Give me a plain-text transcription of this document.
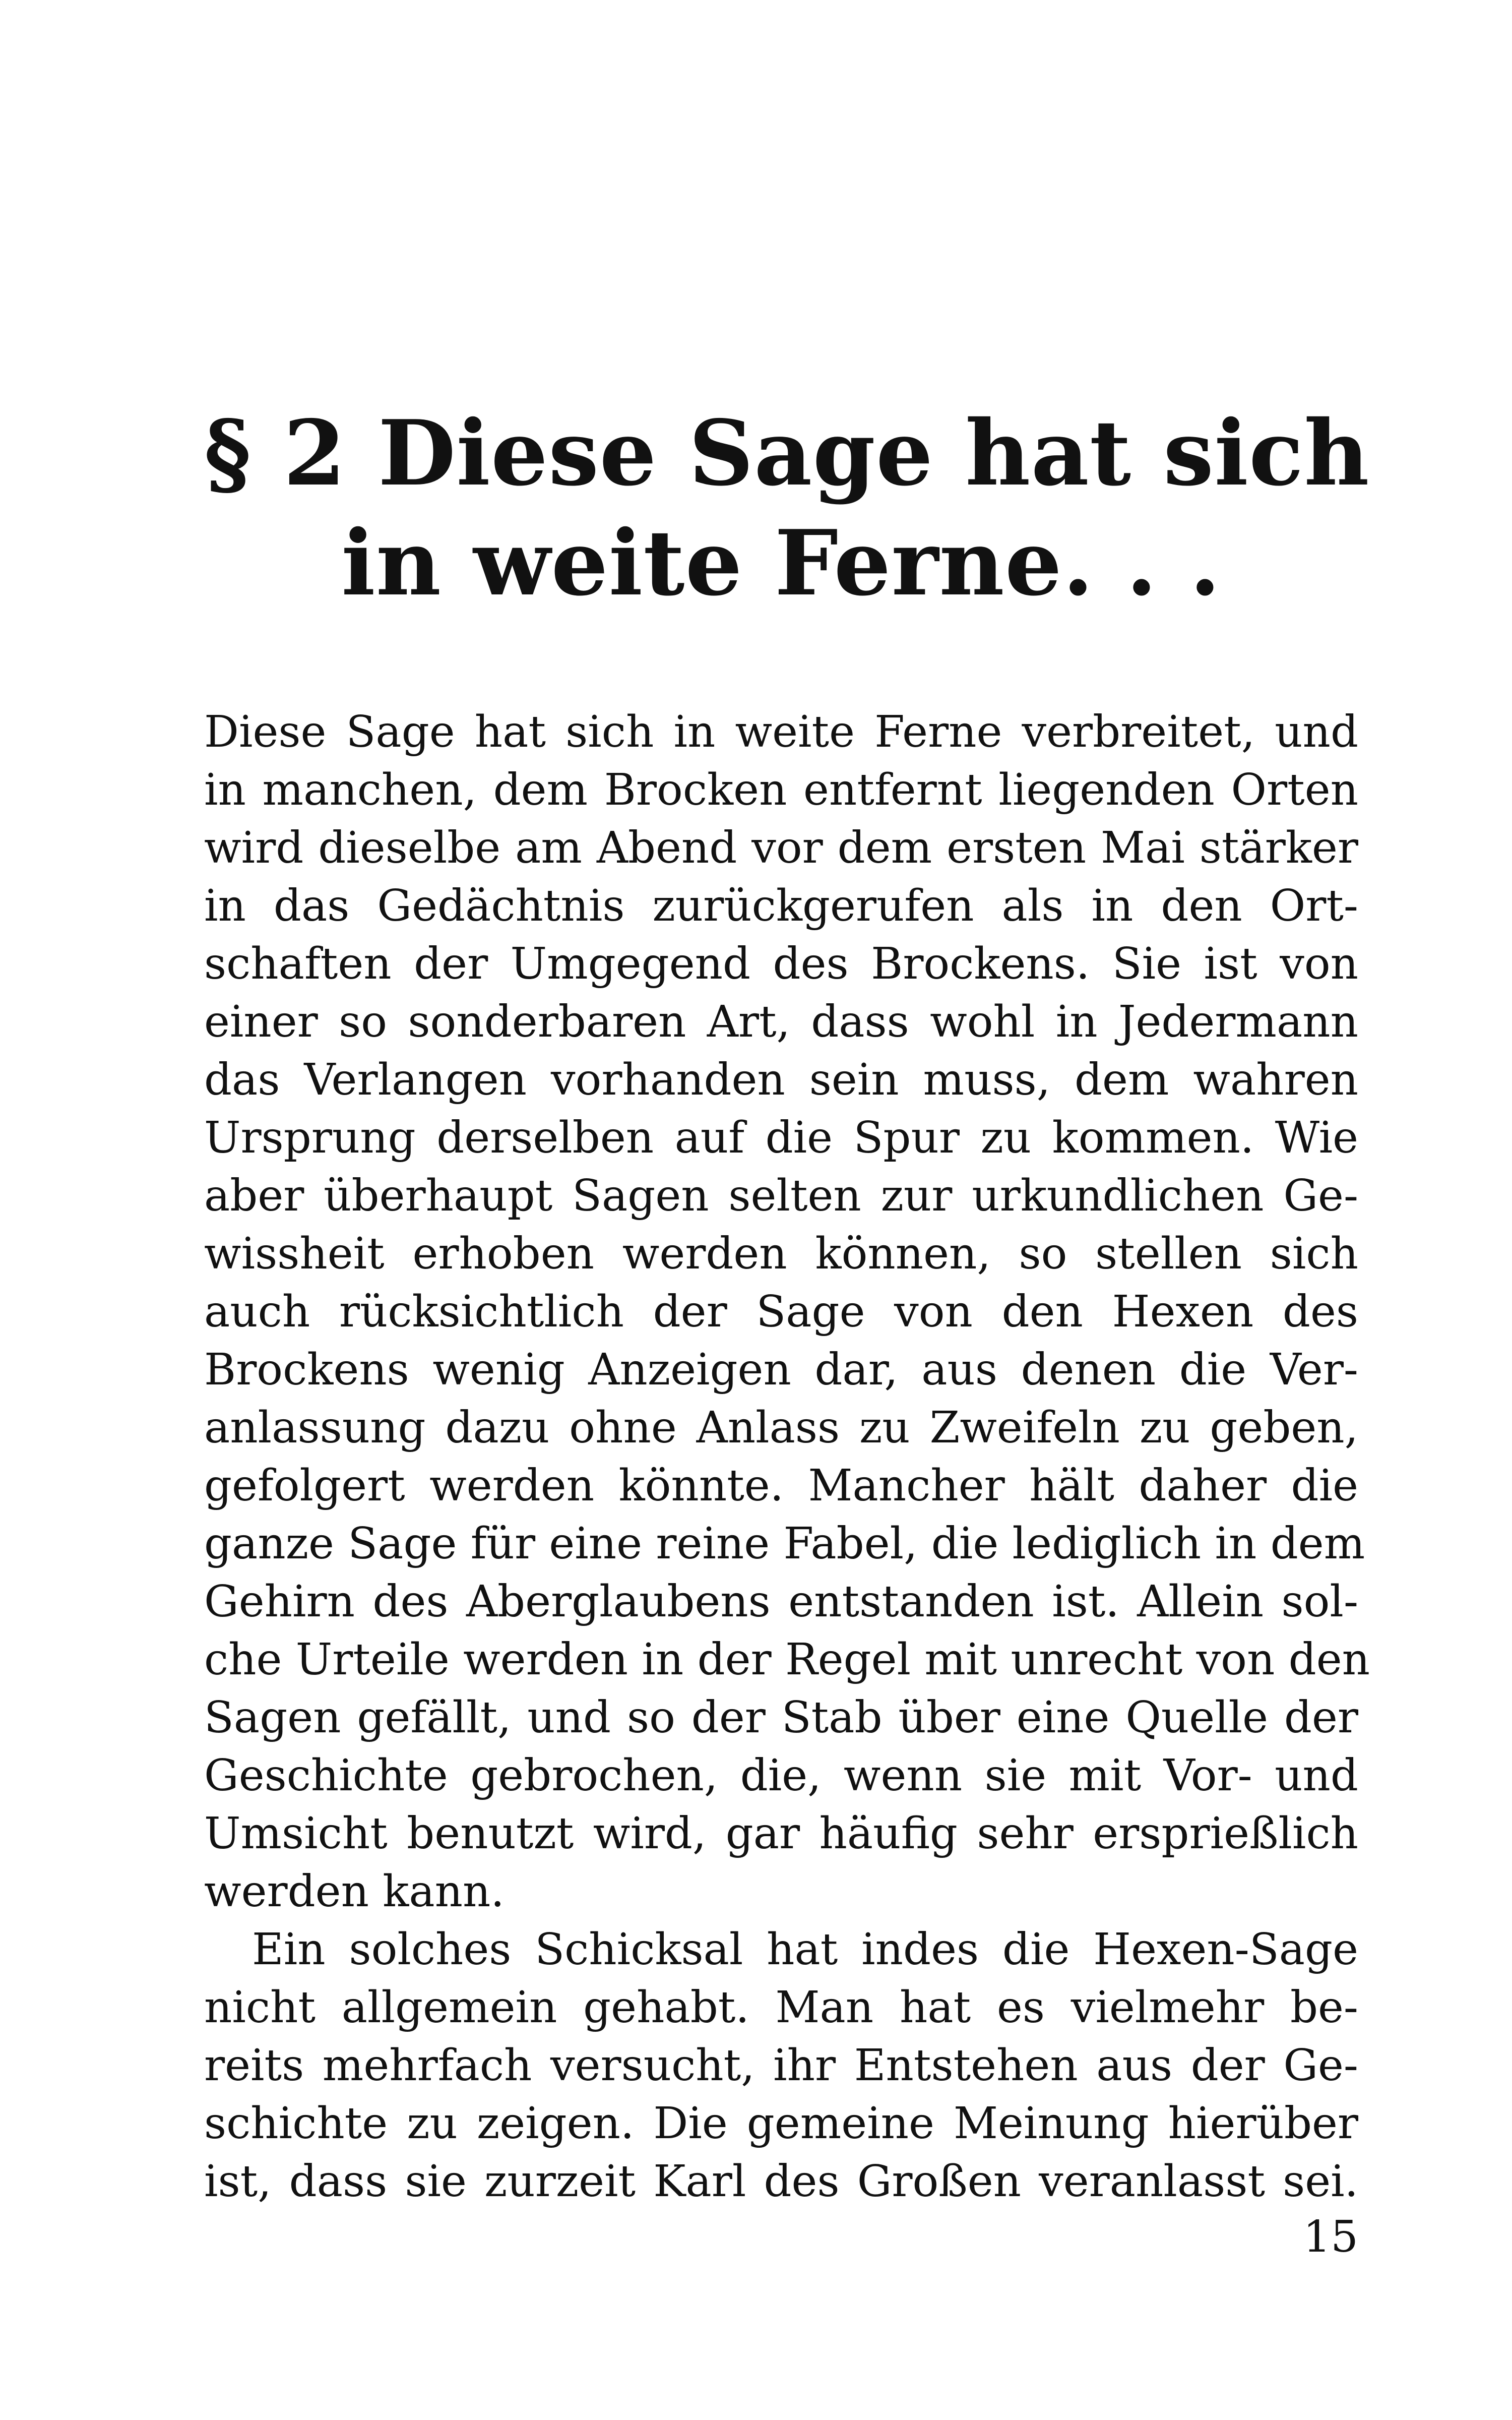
§ 2 Diese Sage hat sich
in weite Ferne. . .
Diese Sage hat sich in weite Ferne verbreitet, und
in manchen, dem Brocken entfernt liegenden Orten
wird dieselbe am Abend vor dem ersten Mai stärker
in das Gedächtnis zurückgerufen als in den Ort-
schaften der Umgegend des Brockens. Sie ist von
einer so sonderbaren Art, dass wohl in Jedermann
das Verlangen vorhanden sein muss, dem wahren
Ursprung derselben auf die Spur zu kommen. Wie
aber überhaupt Sagen selten zur urkundlichen Ge-
wissheit erhoben werden können, so stellen sich
auch rücksichtlich der Sage von den Hexen des
Brockens wenig Anzeigen dar, aus denen die Ver-
anlassung dazu ohne Anlass zu Zweifeln zu geben,
gefolgert werden könnte. Mancher hält daher die
ganze Sage für eine reine Fabel, die lediglich in dem
Gehirn des Aberglaubens entstanden ist. Allein sol-
che Urteile werden in der Regel mit unrecht von den
Sagen gefällt, und so der Stab über eine Quelle der
Geschichte gebrochen, die, wenn sie mit Vor- und
Umsicht benutzt wird, gar häufig sehr ersprießlich
werden kann.
Ein solches Schicksal hat indes die Hexen-Sage
nicht allgemein gehabt. Man hat es vielmehr be-
reits mehrfach versucht, ihr Entstehen aus der Ge-
schichte zu zeigen. Die gemeine Meinung hierüber
ist, dass sie zurzeit Karl des Großen veranlasst sei.
15
